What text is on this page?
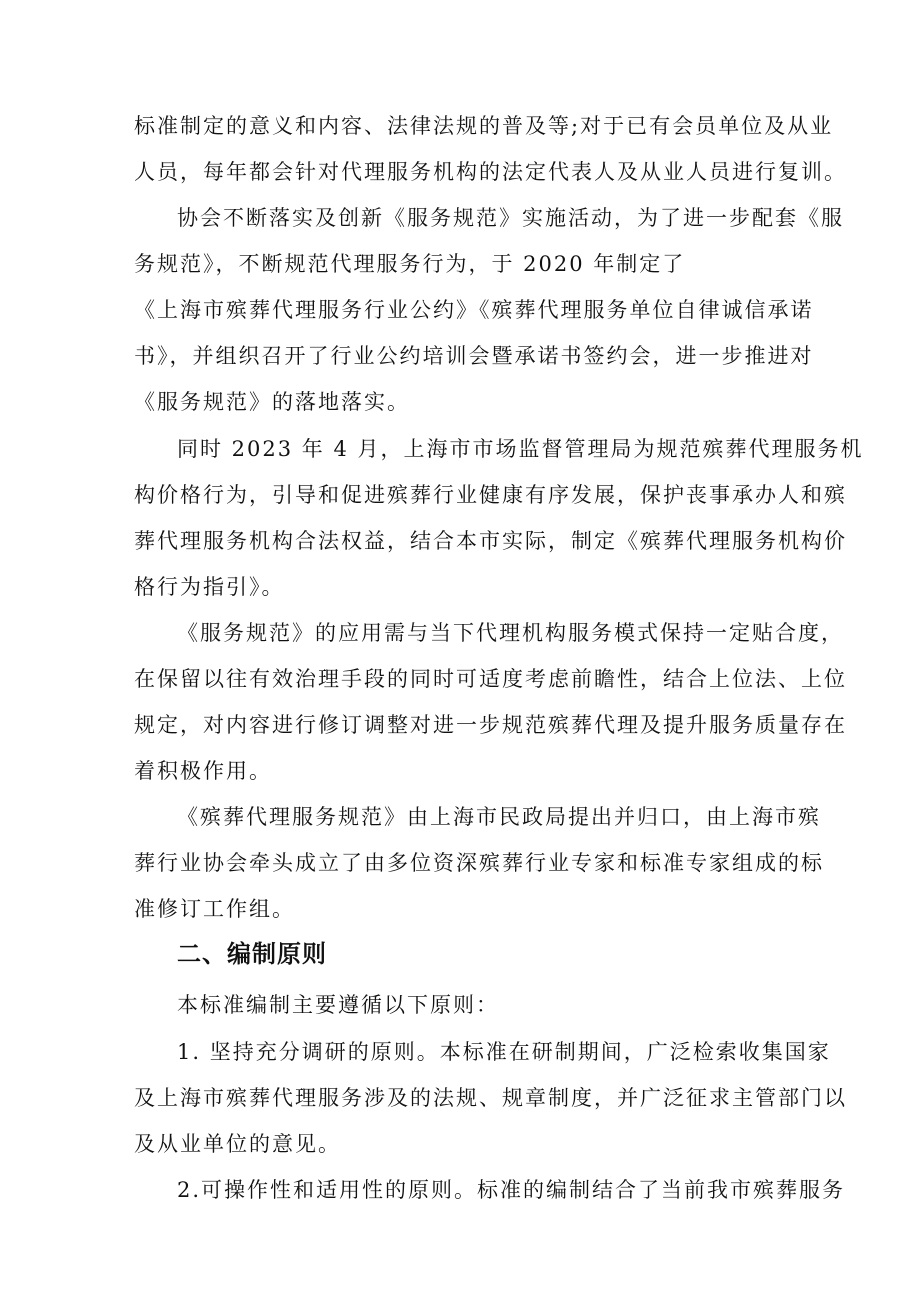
标准制定的意义和内容、法律法规的普及等;对于已有会员单位及从业
人员，每年都会针对代理服务机构的法定代表人及从业人员进行复训。
协会不断落实及创新《服务规范》实施活动，为了进一步配套《服
务规范》，不断规范代理服务行为，于 2020 年制定了
《上海市殡葬代理服务行业公约》《殡葬代理服务单位自律诚信承诺
书》，并组织召开了行业公约培训会暨承诺书签约会，进一步推进对
《服务规范》的落地落实。
同时 2023 年 4 月，上海市市场监督管理局为规范殡葬代理服务机
构价格行为，引导和促进殡葬行业健康有序发展，保护丧事承办人和殡
葬代理服务机构合法权益，结合本市实际，制定《殡葬代理服务机构价
格行为指引》。
《服务规范》的应用需与当下代理机构服务模式保持一定贴合度，
在保留以往有效治理手段的同时可适度考虑前瞻性，结合上位法、上位
规定，对内容进行修订调整对进一步规范殡葬代理及提升服务质量存在
着积极作用。
《殡葬代理服务规范》由上海市民政局提出并归口，由上海市殡
葬行业协会牵头成立了由多位资深殡葬行业专家和标准专家组成的标
准修订工作组。
二、编制原则
本标准编制主要遵循以下原则：
1. 坚持充分调研的原则。本标准在研制期间，广泛检索收集国家
及上海市殡葬代理服务涉及的法规、规章制度，并广泛征求主管部门以
及从业单位的意见。
2.可操作性和适用性的原则。标准的编制结合了当前我市殡葬服务
